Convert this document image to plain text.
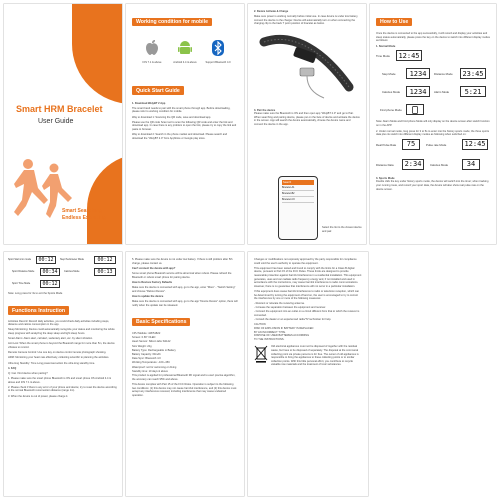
Smart HRM Bracelet
User Guide
Smart Searching
Endless Exploring
Working condition for mobile
IOS 7.1 & above	Android 4.4 & above	Support Bluetooth 4.0
Quick Start Guide

1. Download WeiyBT 2 App

The smart band needs to pair with the smart phone through app. Before downloading, please refer to working condition for mobile.

Way to download 1: Scanning the QR code, save and download app.

Please use the QR code Scan tool to scan the following QR code and enter the link and download app. In case there is any problem to open the link, please try to copy the link and paste to browser.

Way to download 2: Search in the phone market and download. Please search and download the "WeiyBT 2.0" from AppStore or Google play store.

2. Device Activate & Charge

Make sure power is working normally before initial use. In case device is under low battery, connect the device to the charger. Device will automatically turn on when connecting the charging clip to the back T point position of bracelet as below.

3. Pair the device
Please make sure the Bluetooth is ON and then open app "WeiyBT 2.0" and go to Pair. When searching and pairing device, please put on the face of device and activate the device in the screen. App will search the device automatically, choose the device name and connect the device in the app.
Search
Bracelet-A1
Bracelet-B2
Bracelet-C3
Select the list to the closest device and pair.
How to Use
Once the device is connected to the app successfully, it will record and display your activities and sleep status automatically, please press the key on the device to switch into different display modes as follows:
1. Normal Mode
Time Mode	12:45
Step Mode	1234	Distance Mode	23:45
Calories Mode	1234	Alarm Mode	5:21
Find phone Mode
Note: Alarm Mode and Find phone Mode will only display on the device screen after switch function on in the APP.
2. Under normal mode, long press for 3 to 5s to enter into the history sports mode; the three sports data plus its switch into different display modes as following when switched on:
Real Pulse Rate	75	Pulse rate Mode	12:45
Distance Data	2:34	Calories Mode	34
3. Sports Mode
Double click the key under history sports mode, the device will switch into the timer; when tracking your running route, and record your sport data, the device will also show real pulse rate on the device screen.
Sport Start icon mode	00:12	Step Pedometer Mode	00:12
Sport Distance Mode	00:34	Calories Mode	00:13
Sport Time Mode	00:12
Note: Long press for 3s to exit the Sports Mode
Functions Instruction

Activities Record: Record daily activities, you could check daily activities including steps, distance and calorie consumption in the app.

Sleep Monitoring: Device could automatically recognize your status and monitoring the whole sleep progress with analyzing the deep sleep and light sleep hours.

Smart Alarm: Alarm alert, call alert, sedentary alert, etc. by silent vibration.

Anti Lost: When the smart phone is beyond the Bluetooth range for more than 5m, the device vibrates to remind.

Remote Camera Control: Use one key on device control remote photograph shooting.

HRM: Monitoring your heart rate effectively, collecting scientific to planning the activities.

Ultra long Standby: Time Long power-last action the ultra long standby time.

4. FAQ

Q: Can I find device when pairing?

1. Please make sure the smart phone Bluetooth is ON and smart phone OS Android 4.4 & above and iOS 7.1 & above.

2. Please check if there is any error of your phone and device; try to reset the device according to the normal Bluetooth reconnection distance (range 1m).

3. When the device is out of power, please charge it.

5. Please make sure the device is not under low battery. If there is still problem after 5th charge, please contact us.

Can't connect the device with app?

Some smart phone Bluetooth service will be abnormal when reboot. Please refresh the Bluetooth or reboot smart phone for pairing device.

How to Restore Factory Defaults

Make sure the device is connected with app, go to the app, enter "More" - "Switch Setting" and choose "Reboot Device".

How to update the device

Make sure the device is connected with app, go to the app "Device Device" option, there will notify when the update can be released.

Basic Specifications

CPU Module: nRF51822

Screen: 0.66" OLED

Heart Sensor: Silicon labs Si1142

Size Weight: 22g

Battery Type: Rechargeable Li Battery

Battery Capacity: 60mAh

Data Sync: Bluetooth 4.0

Working Temperature: -10C~45C

Waterproof: not for swimming or diving

Standby time: 10 days & above

This product is applied for professional Bluetooth RF signal and to exert precise algorithm, the accuracy can reach 95% and above.

This device complies with Part 15 of the FCC Rules. Operation is subject to the following two conditions: (1) this device may not cause harmful interference, and (2) this device must accept any interference received, including interference that may cause undesired operation.

Changes or modifications not expressly approved by the party responsible for compliance could void the user's authority to operate the equipment.

This equipment has been tested and found to comply with the limits for a Class B digital device, pursuant to Part 15 of the FCC Rules. These limits are designed to provide reasonable protection against harmful interference in a residential installation. This equipment generates, uses and can radiate radio frequency energy and, if not installed and used in accordance with the instructions, may cause harmful interference to radio communications. However, there is no guarantee that interference will not occur in a particular installation.

If this equipment does cause harmful interference to radio or television reception, which can be determined by turning the equipment off and on, the user is encouraged to try to correct the interference by one or more of the following measures:

- Reorient or relocate the receiving antenna.

- Increase the separation between the equipment and receiver.

- Connect the equipment into an outlet on a circuit different from that to which the receiver is connected.

- Consult the dealer or an experienced radio/TV technician for help.

CAUTION
RISK OF EXPLOSION IF BATTERY IS REPLACED
BY AN INCORRECT TYPE.
DISPOSE OF USED BATTERIES ACCORDING
TO THE INSTRUCTIONS.
Old electrical appliances must not be disposed of together with the residual waste, but have to be disposed of separately. The disposal at the communal collecting point via private persons is for free. The owner of old appliances is responsible to bring the appliances to these collecting points or to similar collection points. With this little personal effort, you contribute to recycle valuable raw materials and the treatment of toxic substances.
